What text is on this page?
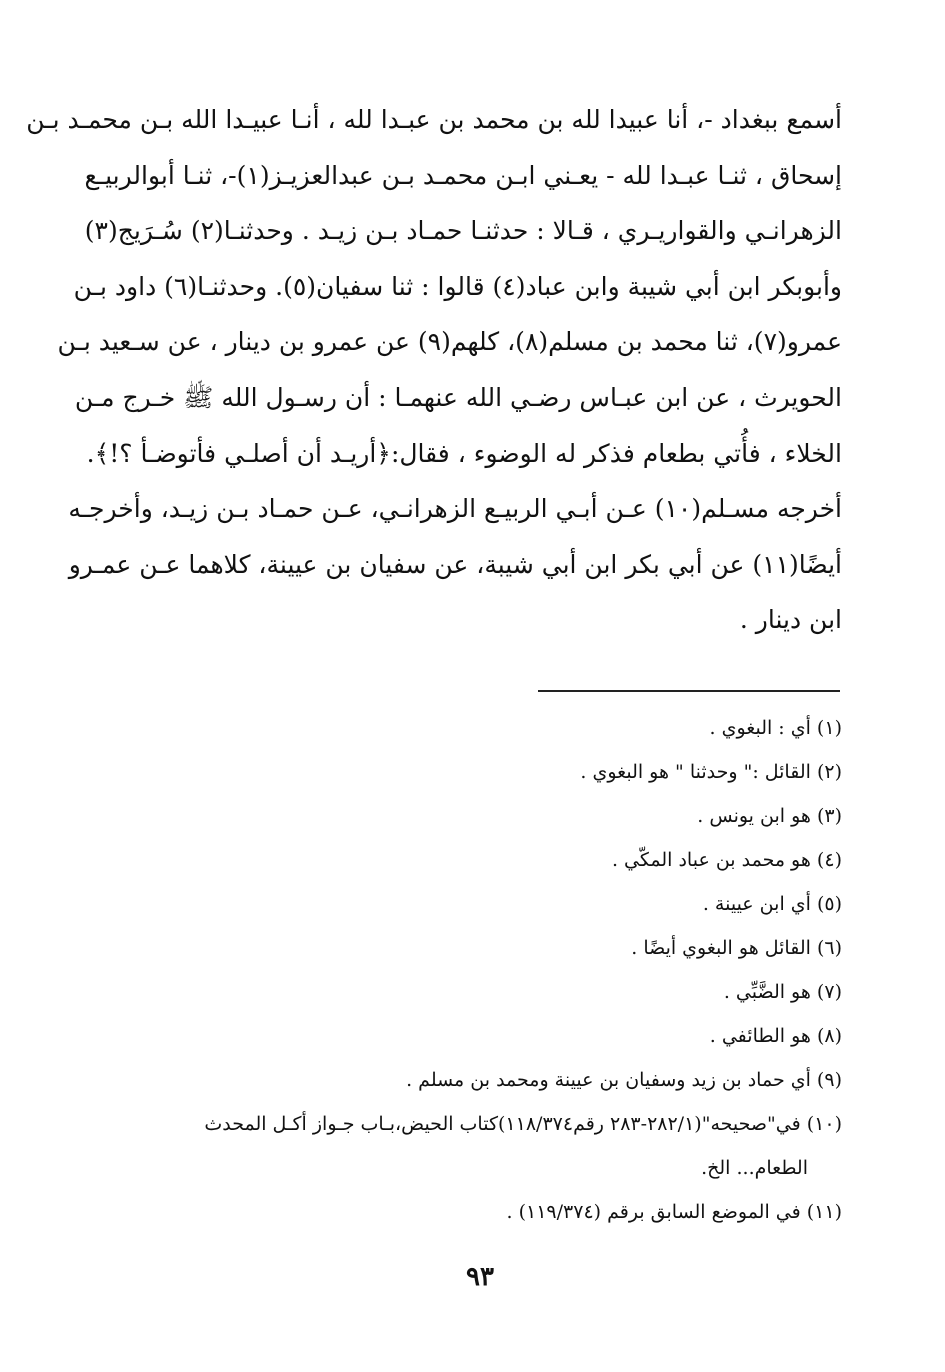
أسمع ببغداد -، أنا عبيدا لله بن محمد بن عبـدا لله ، أنـا عبيـدا الله بـن محمـد بـن
إسحاق ، ثنـا عبـدا لله - يعـني ابـن محمـد بـن عبدالعزيـز(١)-، ثنـا أبوالربيـع
الزهرانـي والقواريـري ، قـالا : حدثنـا حمـاد بـن زيـد . وحدثنـا(٢) سُـرَيج(٣)
وأبوبكر ابن أبي شيبة وابن عباد(٤) قالوا : ثنا سفيان(٥). وحدثنـا(٦) داود بـن
عمرو(٧)، ثنا محمد بن مسلم(٨)، كلهم(٩) عن عمرو بن دينار ، عن سـعيد بـن
الحويرث ، عن ابن عبـاس رضـي الله عنهمـا : أن رسـول الله ﷺ خـرج مـن
الخلاء ، فأُتي بطعام فذكر له الوضوء ، فقال:﴿أريـد أن أصلـي فأتوضـأ ؟!﴾.
أخرجه مسـلم(١٠) عـن أبـي الربيـع الزهرانـي، عـن حمـاد بـن زيـد، وأخرجـه
أيضًا(١١) عن أبي بكر ابن أبي شيبة، عن سفيان بن عيينة، كلاهما عـن عمـرو
ابن دينار .
(١) أي : البغوي .
(٢) القائل :" وحدثنا " هو البغوي .
(٣) هو ابن يونس .
(٤) هو محمد بن عباد المكّي .
(٥) أي ابن عيينة .
(٦) القائل هو البغوي أيضًا .
(٧) هو الضَّبِّي .
(٨) هو الطائفي .
(٩) أي حماد بن زيد وسفيان بن عيينة ومحمد بن مسلم .
(١٠) في"صحيحه"(٢٨٢/١-٢٨٣ رقم١١٨/٣٧٤)كتاب الحيض،بـاب جـواز أكـل المحدث
الطعام... الخ.
(١١) في الموضع السابق برقم (١١٩/٣٧٤) .
٩٣
